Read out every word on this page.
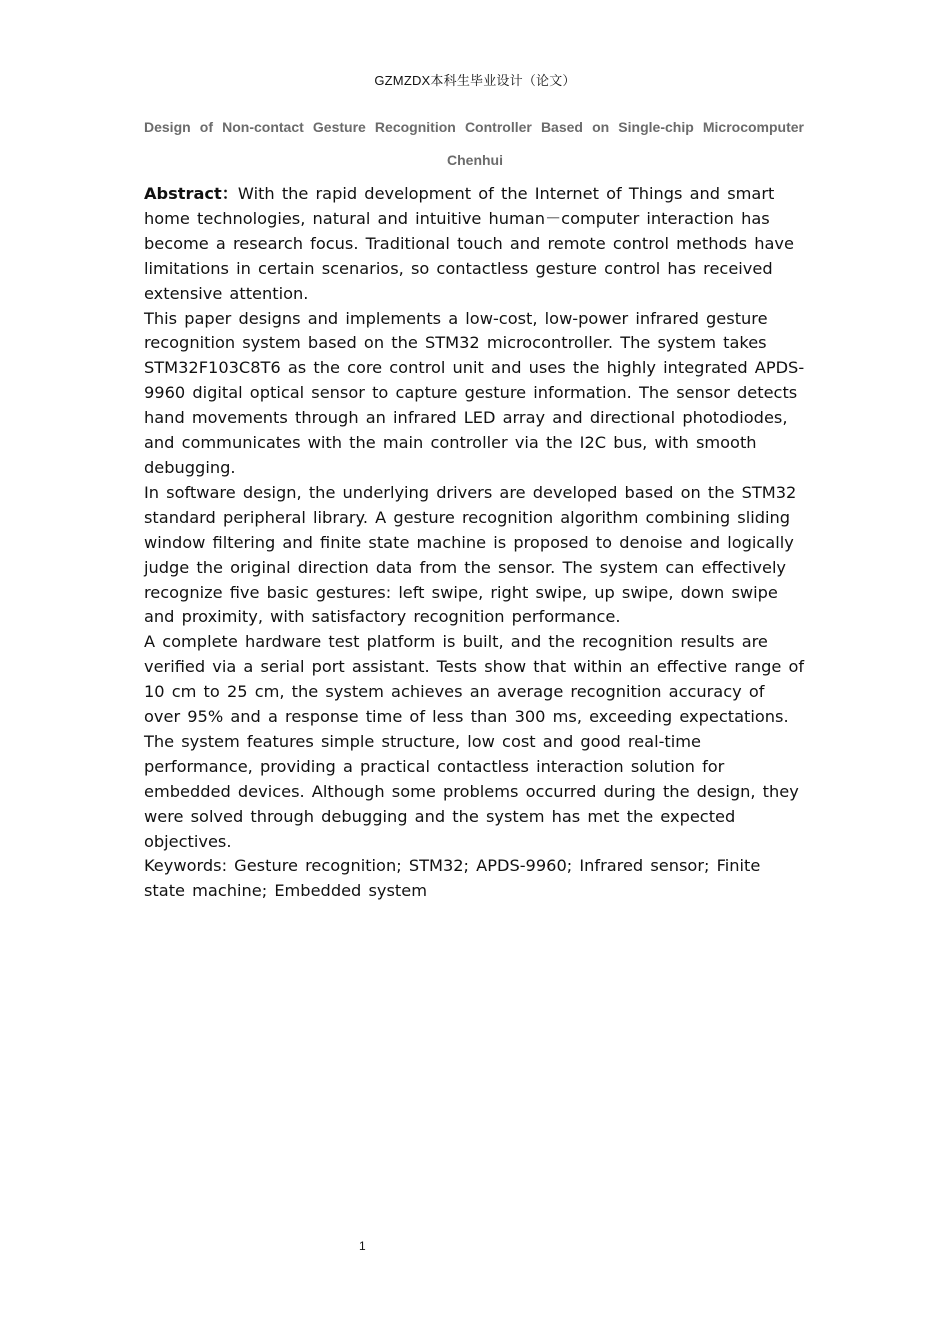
GZMZDX本科生毕业设计（论文）
Design of Non-contact Gesture Recognition Controller Based on Single-chip Microcomputer
Chenhui

Abstract：With the rapid development of the Internet of Things and smart home technologies, natural and intuitive human－computer interaction has become a research focus. Traditional touch and remote control methods have limitations in certain scenarios, so contactless gesture control has received extensive attention.

This paper designs and implements a low-cost, low-power infrared gesture recognition system based on the STM32 microcontroller. The system takes STM32F103C8T6 as the core control unit and uses the highly integrated APDS-9960 digital optical sensor to capture gesture information. The sensor detects hand movements through an infrared LED array and directional photodiodes, and communicates with the main controller via the I2C bus, with smooth debugging.

In software design, the underlying drivers are developed based on the STM32 standard peripheral library. A gesture recognition algorithm combining sliding window filtering and finite state machine is proposed to denoise and logically judge the original direction data from the sensor. The system can effectively recognize five basic gestures: left swipe, right swipe, up swipe, down swipe and proximity, with satisfactory recognition performance.

A complete hardware test platform is built, and the recognition results are verified via a serial port assistant. Tests show that within an effective range of 10 cm to 25 cm, the system achieves an average recognition accuracy of over 95% and a response time of less than 300 ms, exceeding expectations. The system features simple structure, low cost and good real-time performance, providing a practical contactless interaction solution for embedded devices. Although some problems occurred during the design, they were solved through debugging and the system has met the expected objectives.

Keywords: Gesture recognition; STM32; APDS-9960; Infrared sensor; Finite state machine; Embedded system

1
